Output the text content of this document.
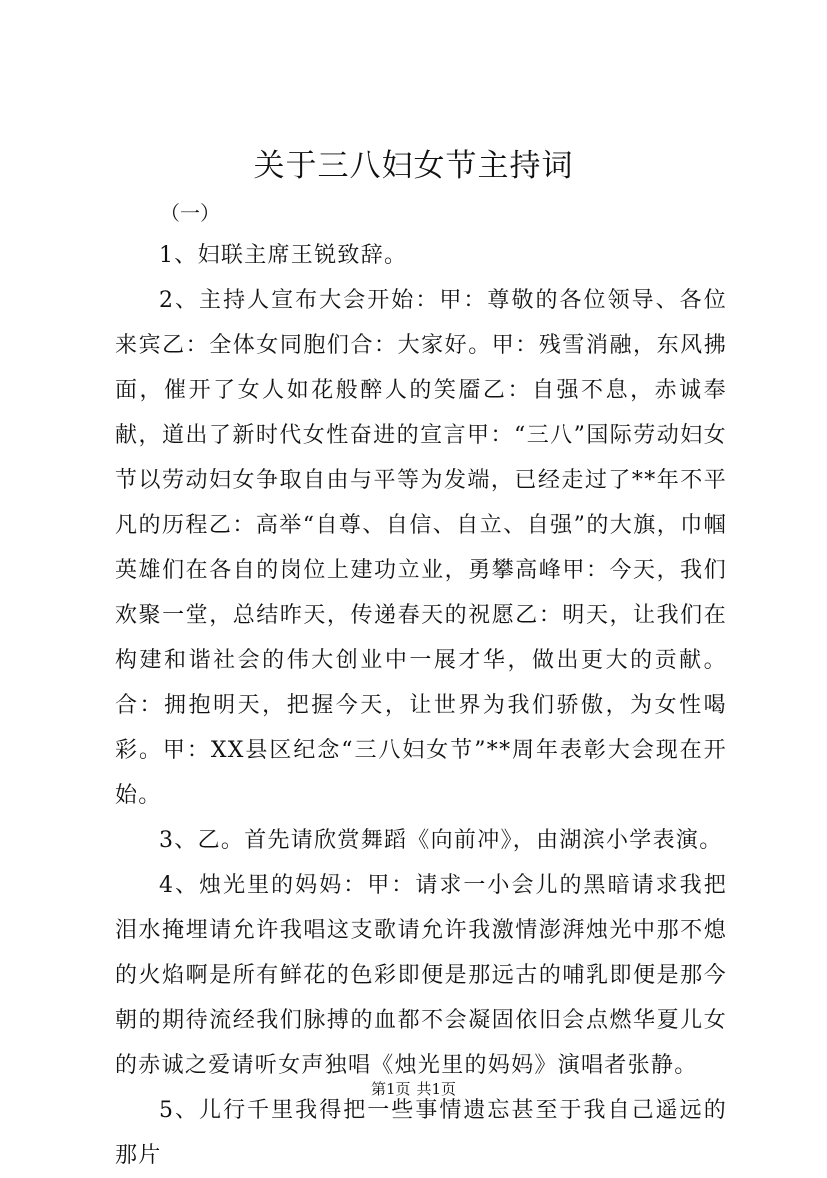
关于三八妇女节主持词

（一）

1、妇联主席王锐致辞。

2、主持人宣布大会开始：甲：尊敬的各位领导、各位来宾乙：全体女同胞们合：大家好。甲：残雪消融，东风拂面，催开了女人如花般醉人的笑靥乙：自强不息，赤诚奉献，道出了新时代女性奋进的宣言甲：“三八”国际劳动妇女节以劳动妇女争取自由与平等为发端，已经走过了**年不平凡的历程乙：高举“自尊、自信、自立、自强”的大旗，巾帼英雄们在各自的岗位上建功立业，勇攀高峰甲：今天，我们欢聚一堂，总结昨天，传递春天的祝愿乙：明天，让我们在构建和谐社会的伟大创业中一展才华，做出更大的贡献。合：拥抱明天，把握今天，让世界为我们骄傲，为女性喝彩。甲：XX县区纪念“三八妇女节”**周年表彰大会现在开始。

3、乙。首先请欣赏舞蹈《向前冲》，由湖滨小学表演。

4、烛光里的妈妈：甲：请求一小会儿的黑暗请求我把泪水掩埋请允许我唱这支歌请允许我激情澎湃烛光中那不熄的火焰啊是所有鲜花的色彩即便是那远古的哺乳即便是那今朝的期待流经我们脉搏的血都不会凝固依旧会点燃华夏儿女的赤诚之爱请听女声独唱《烛光里的妈妈》演唱者张静。

5、儿行千里我得把一些事情遗忘甚至于我自己遥远的那片

第1页 共1页
